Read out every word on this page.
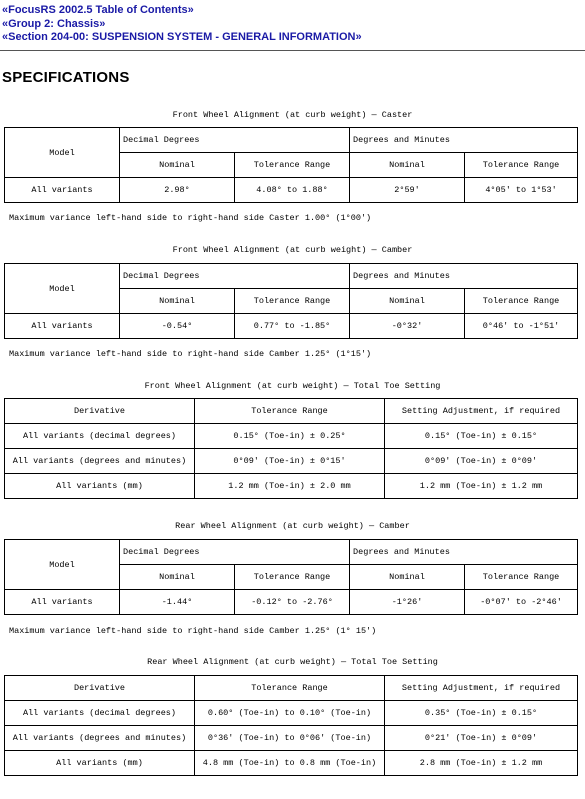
«FocusRS 2002.5 Table of Contents»
«Group 2: Chassis»
«Section 204-00: SUSPENSION SYSTEM - GENERAL INFORMATION»
SPECIFICATIONS
Front Wheel Alignment (at curb weight) — Caster
Model	Decimal Degrees		Degrees and Minutes	
	Nominal	Tolerance Range	Nominal	Tolerance Range
All variants	2.98°	4.08° to 1.88°	2°59'	4°05' to 1°53'
Maximum variance left-hand side to right-hand side Caster 1.00° (1°00')
Front Wheel Alignment (at curb weight) — Camber
Model	Decimal Degrees		Degrees and Minutes	
	Nominal	Tolerance Range	Nominal	Tolerance Range
All variants	-0.54°	0.77° to -1.85°	-0°32'	0°46' to -1°51'
Maximum variance left-hand side to right-hand side Camber 1.25° (1°15')
Front Wheel Alignment (at curb weight) — Total Toe Setting
Derivative	Tolerance Range	Setting Adjustment, if required
All variants (decimal degrees)	0.15° (Toe-in) ± 0.25°	0.15° (Toe-in) ± 0.15°
All variants (degrees and minutes)	0°09' (Toe-in) ± 0°15'	0°09' (Toe-in) ± 0°09'
All variants (mm)	1.2 mm (Toe-in) ± 2.0 mm	1.2 mm (Toe-in) ± 1.2 mm
Rear Wheel Alignment (at curb weight) — Camber
Model	Decimal Degrees		Degrees and Minutes	
	Nominal	Tolerance Range	Nominal	Tolerance Range
All variants	-1.44°	-0.12° to -2.76°	-1°26'	-0°07' to -2°46'
Maximum variance left-hand side to right-hand side Camber 1.25° (1° 15')
Rear Wheel Alignment (at curb weight) — Total Toe Setting
Derivative	Tolerance Range	Setting Adjustment, if required
All variants (decimal degrees)	0.60° (Toe-in) to 0.10° (Toe-in)	0.35° (Toe-in) ± 0.15°
All variants (degrees and minutes)	0°36' (Toe-in) to 0°06' (Toe-in)	0°21' (Toe-in) ± 0°09'
All variants (mm)	4.8 mm (Toe-in) to 0.8 mm (Toe-in)	2.8 mm (Toe-in) ± 1.2 mm
